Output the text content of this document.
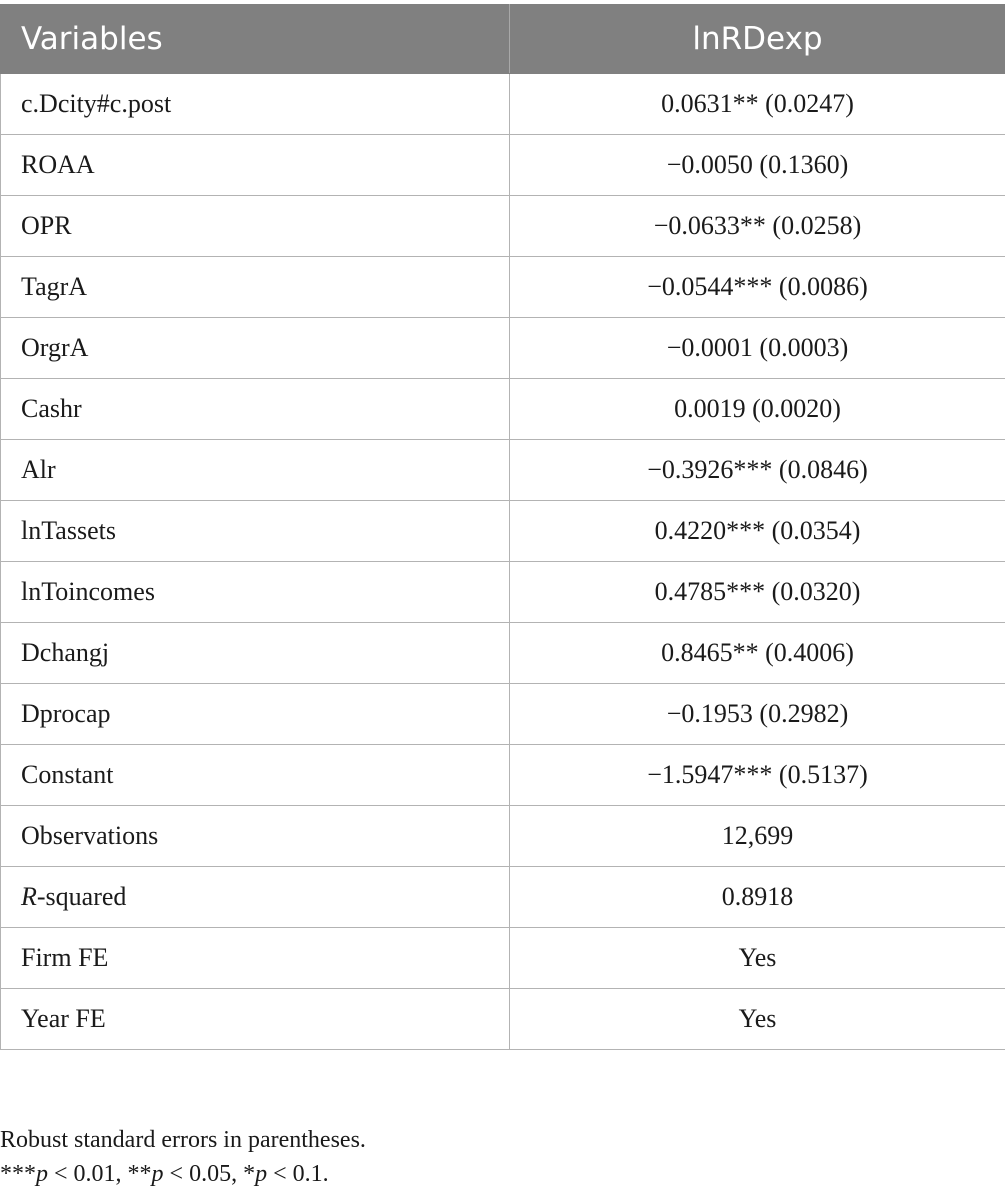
Variables	lnRDexp
c.Dcity#c.post	0.0631** (0.0247)
ROAA	−0.0050 (0.1360)
OPR	−0.0633** (0.0258)
TagrA	−0.0544*** (0.0086)
OrgrA	−0.0001 (0.0003)
Cashr	0.0019 (0.0020)
Alr	−0.3926*** (0.0846)
lnTassets	0.4220*** (0.0354)
lnToincomes	0.4785*** (0.0320)
Dchangj	0.8465** (0.4006)
Dprocap	−0.1953 (0.2982)
Constant	−1.5947*** (0.5137)
Observations	12,699
R-squared	0.8918
Firm FE	Yes
Year FE	Yes
Robust standard errors in parentheses.
***p < 0.01, **p < 0.05, *p < 0.1.
